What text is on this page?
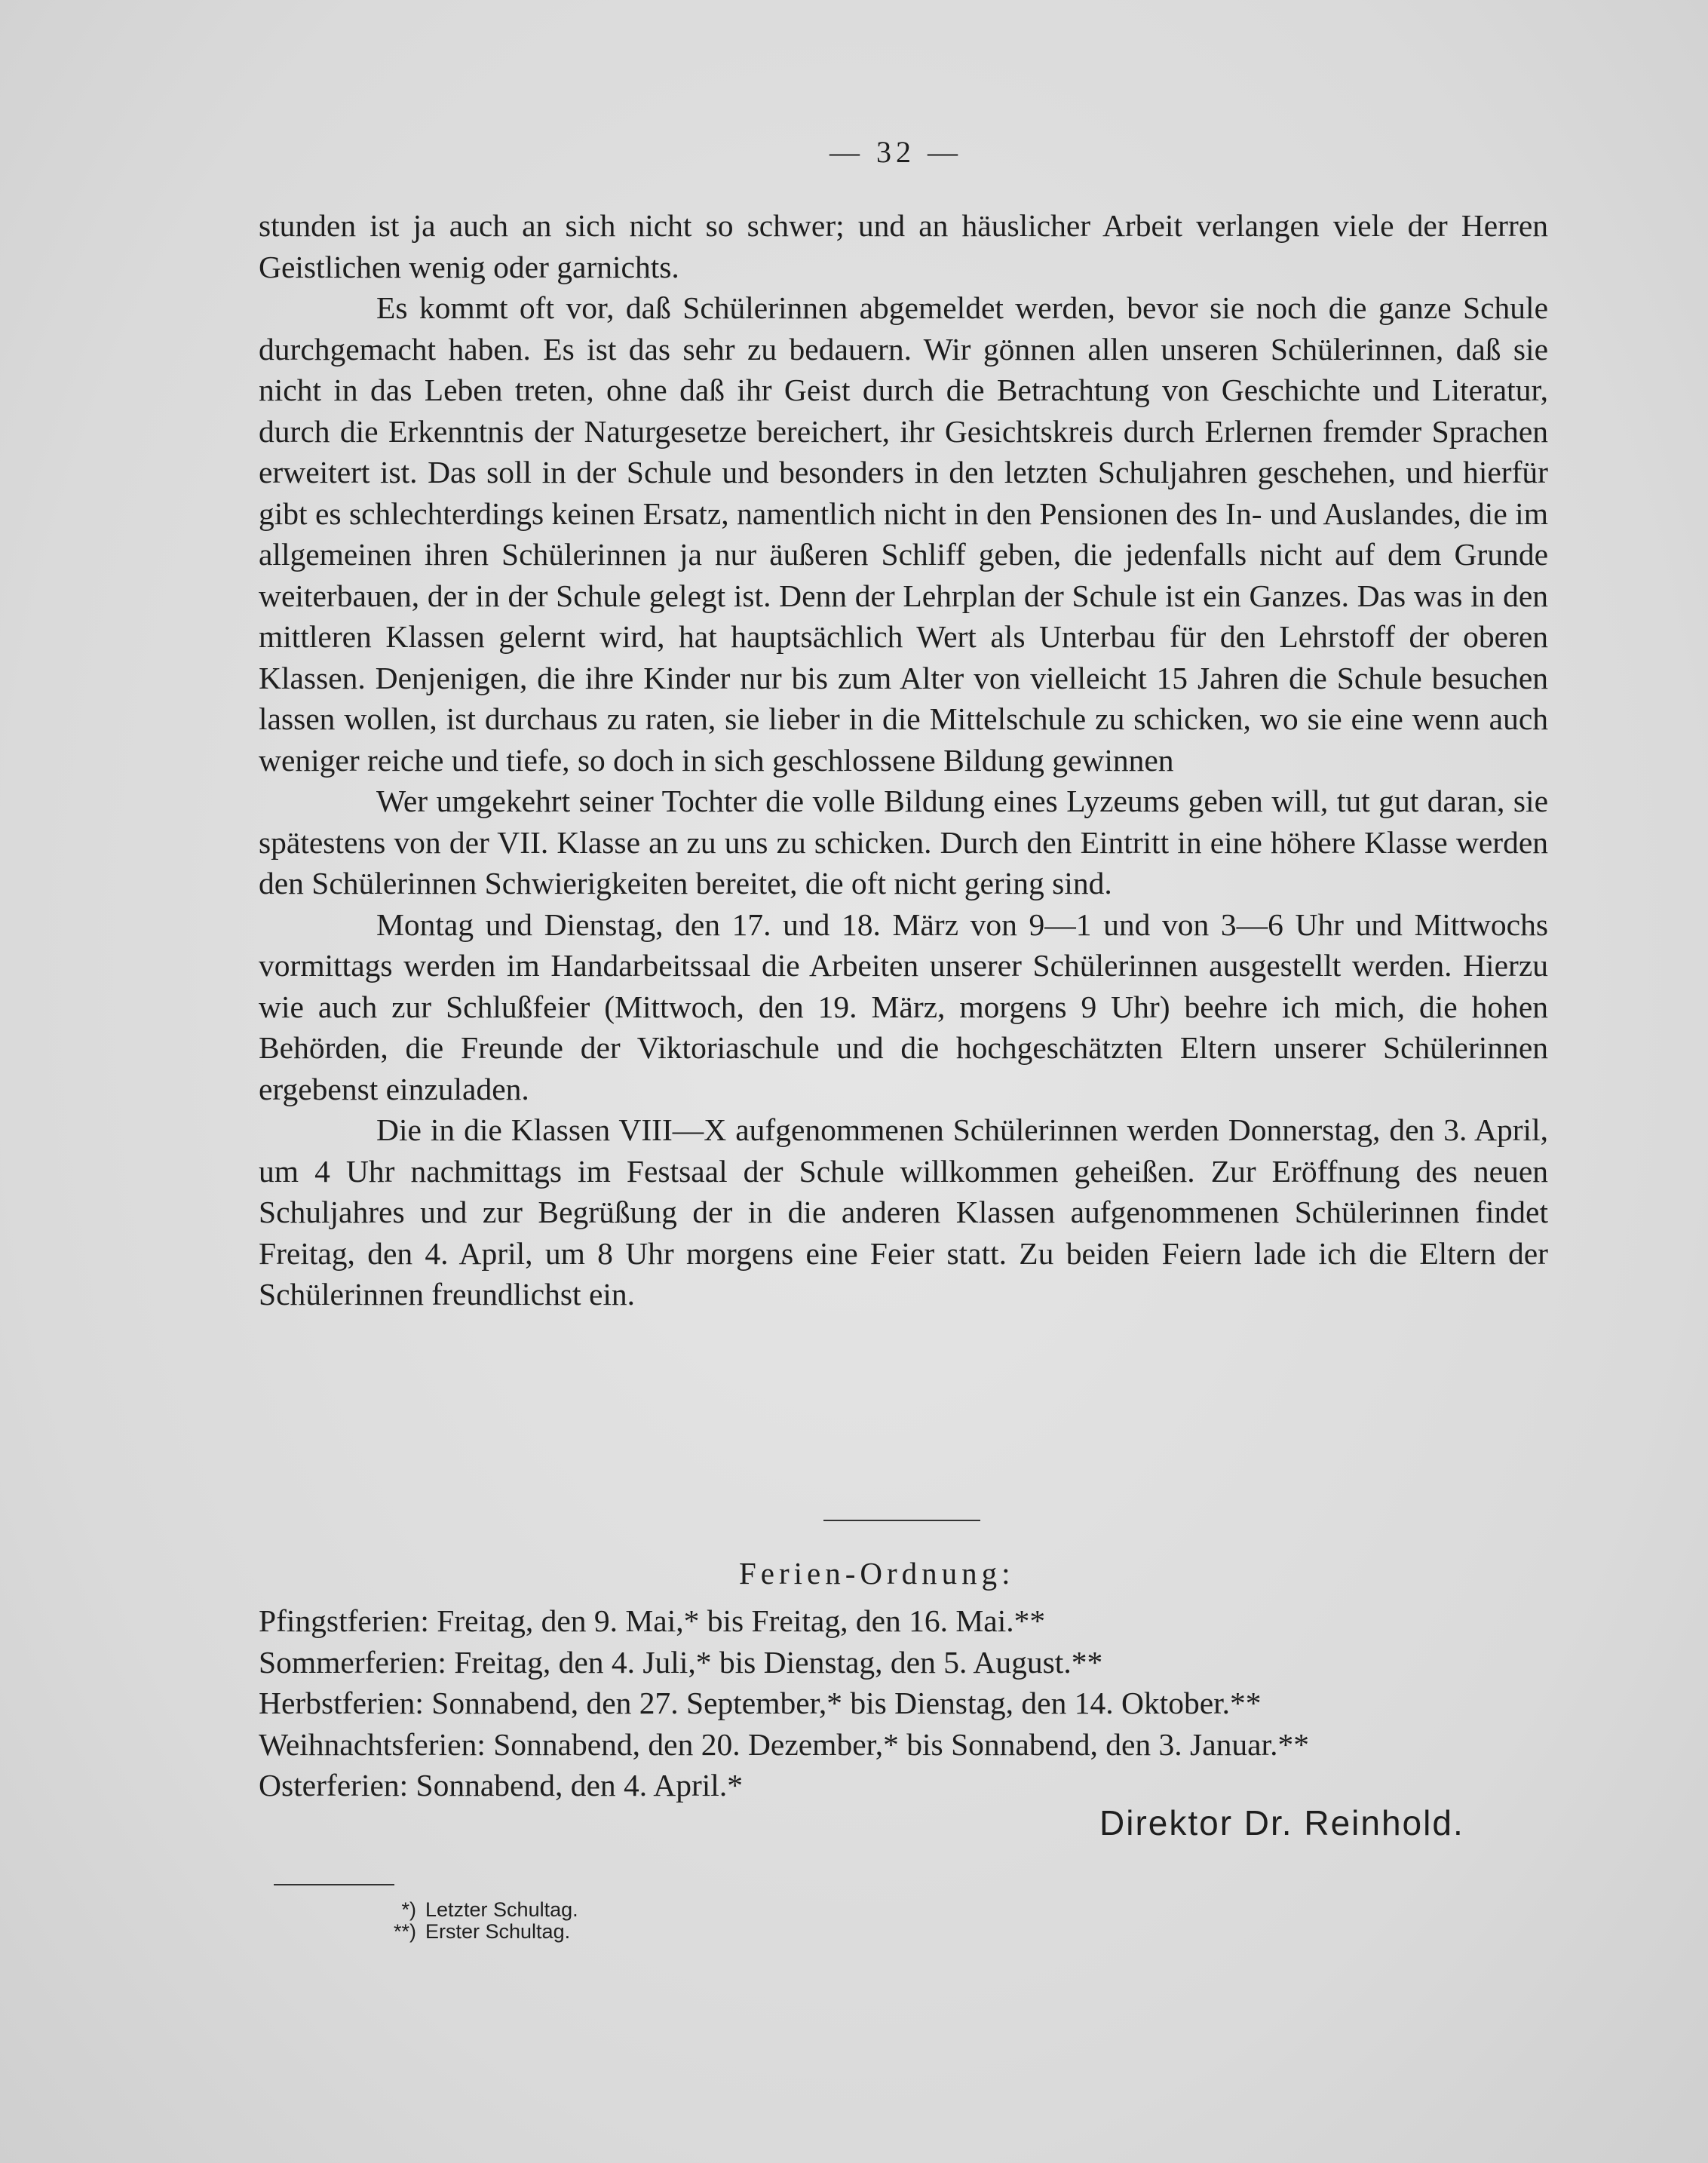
— 32 —

stunden ist ja auch an sich nicht so schwer; und an häuslicher Arbeit verlangen viele der Herren Geistlichen wenig oder garnichts.

Es kommt oft vor, daß Schülerinnen abgemeldet werden, bevor sie noch die ganze Schule durchgemacht haben. Es ist das sehr zu bedauern. Wir gönnen allen unseren Schülerinnen, daß sie nicht in das Leben treten, ohne daß ihr Geist durch die Betrachtung von Geschichte und Literatur, durch die Erkenntnis der Naturgesetze bereichert, ihr Gesichtskreis durch Erlernen fremder Sprachen erweitert ist. Das soll in der Schule und besonders in den letzten Schuljahren geschehen, und hierfür gibt es schlechterdings keinen Ersatz, namentlich nicht in den Pensionen des In- und Auslandes, die im allgemeinen ihren Schülerinnen ja nur äußeren Schliff geben, die jedenfalls nicht auf dem Grunde weiterbauen, der in der Schule gelegt ist. Denn der Lehrplan der Schule ist ein Ganzes. Das was in den mittleren Klassen gelernt wird, hat hauptsächlich Wert als Unterbau für den Lehrstoff der oberen Klassen. Denjenigen, die ihre Kinder nur bis zum Alter von vielleicht 15 Jahren die Schule besuchen lassen wollen, ist durchaus zu raten, sie lieber in die Mittelschule zu schicken, wo sie eine wenn auch weniger reiche und tiefe, so doch in sich geschlossene Bildung gewinnen

Wer umgekehrt seiner Tochter die volle Bildung eines Lyzeums geben will, tut gut daran, sie spätestens von der VII. Klasse an zu uns zu schicken. Durch den Eintritt in eine höhere Klasse werden den Schülerinnen Schwierigkeiten bereitet, die oft nicht gering sind.

Montag und Dienstag, den 17. und 18. März von 9—1 und von 3—6 Uhr und Mittwochs vormittags werden im Handarbeitssaal die Arbeiten unserer Schülerinnen ausgestellt werden. Hierzu wie auch zur Schlußfeier (Mittwoch, den 19. März, morgens 9 Uhr) beehre ich mich, die hohen Behörden, die Freunde der Viktoriaschule und die hochgeschätzten Eltern unserer Schülerinnen ergebenst einzuladen.

Die in die Klassen VIII—X aufgenommenen Schülerinnen werden Donnerstag, den 3. April, um 4 Uhr nachmittags im Festsaal der Schule willkommen geheißen. Zur Eröffnung des neuen Schuljahres und zur Begrüßung der in die anderen Klassen aufgenommenen Schülerinnen findet Freitag, den 4. April, um 8 Uhr morgens eine Feier statt. Zu beiden Feiern lade ich die Eltern der Schülerinnen freundlichst ein.

Ferien-Ordnung:
Pfingstferien: Freitag, den 9. Mai,* bis Freitag, den 16. Mai.**
Sommerferien: Freitag, den 4. Juli,* bis Dienstag, den 5. August.**
Herbstferien: Sonnabend, den 27. September,* bis Dienstag, den 14. Oktober.**
Weihnachtsferien: Sonnabend, den 20. Dezember,* bis Sonnabend, den 3. Januar.**
Osterferien: Sonnabend, den 4. April.*
Direktor Dr. Reinhold.
*) Letzter Schultag.
**) Erster Schultag.
